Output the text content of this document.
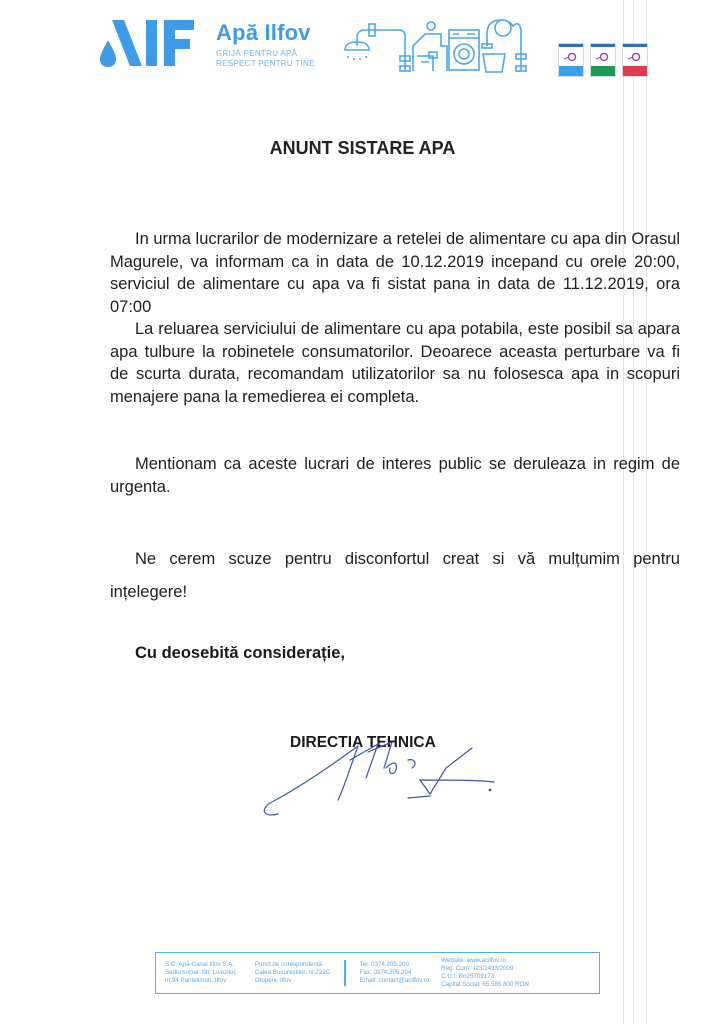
Apă Ilfov
GRIJĂ PENTRU APĂ
RESPECT PENTRU TINE
ANUNT SISTARE APA
In urma lucrarilor de modernizare a retelei de alimentare cu apa din Orasul Magurele, va informam ca in data de 10.12.2019 incepand cu orele 20:00, serviciul de alimentare cu apa va fi sistat pana in data de 11.12.2019, ora 07:00
La reluarea serviciului de alimentare cu apa potabila, este posibil sa apara apa tulbure la robinetele consumatorilor. Deoarece aceasta perturbare va fi de scurta durata, recomandam utilizatorilor sa nu folosesca apa in scopuri menajere pana la remedierea ei completa.
Mentionam ca aceste lucrari de interes public se deruleaza in regim de urgenta.
Ne cerem scuze pentru disconfortul creat si vă mulțumim pentru ințelegere!
Cu deosebită considerație,
DIRECTIA TEHNICA
S.C. Apă-Canal Ilfov S.A.
Sediu social: Str. Livezilor,
nr.94 Pantelimon, Ilfov
Punct de corespondență
Calea Bucureștilor, nr.222C
Otopeni, Ilfov
Tel: 0374.205.200
Fax: 0374.205.204
Email: contact@acilfov.ro
Website: www.acilfov.ro
Reg. Com. J23/1433/2009
C.U.I. Ro25709173
Capital Social: 65.585.800 RON
